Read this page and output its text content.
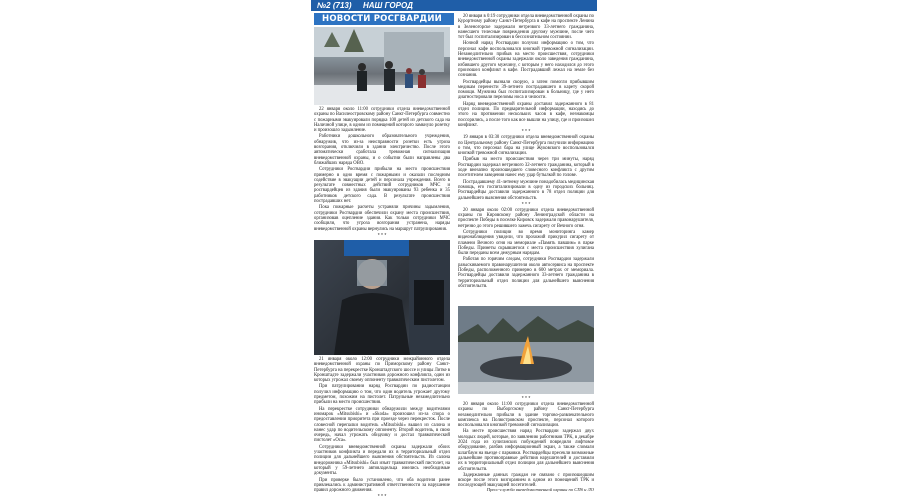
№2 (713) НАШ ГОРОД
НОВОСТИ РОСГВАРДИИ

22 января около 11:00 сотрудники отдела вневедомственной охраны по Василеостровскому району Санкт-Петербурга совместно с пожарными эвакуировали порядка 100 детей из детского сада на Наличной улице, в одном из помещений которого замкнуло розетку и произошло задымление.

Работники дошкольного образовательного учреждения, обнаружив, что из-за неисправности розетки есть угроза возгорания, отключили в здании электричество. После этого автоматически сработала тревожная сигнализация вневедомственной охраны, и о событии были направлены два ближайших наряда ОВО.

Сотрудники Росгвардии прибыли на место происшествия примерно в одно время с пожарными и оказали последним содействие в эвакуации детей и персонала учреждения. Всего в результате совместных действий сотрудников МЧС и росгвардейцев из здания были эвакуированы 93 ребенка и 35 работников детского сада. В результате происшествия пострадавших нет.

Пока пожарные расчеты устраняли причины задымления, сотрудники Росгвардии обеспечили охрану места происшествия, организовав оцепление здания. Как только сотрудники МЧС сообщили, что угроза возгорания устранена, наряды вневедомственной охраны вернулись на маршрут патрулирования.

* * *

21 января около 12:00 сотрудники межрайонного отдела вневедомственной охраны по Приморскому району Санкт-Петербурга на перекрестке Кронштадтского шоссе и улицы Литке в Кронштадте задержали участников дорожного конфликта, один из которых угрожал своему оппоненту травматическим пистолетом.

При патрулировании наряд Росгвардии по радиостанции получил информацию о том, что один водитель угрожает другому предметом, похожим на пистолет. Патрульные незамедлительно прибыли на место происшествия.

На перекрестке сотрудники обнаружили между водителями иномарок «Mitsubishi» и «Skoda» произошел из-за спора о предоставлении приоритета при проезде через перекресток. После словесной перепалки водитель «Mitsubishi» вышел из салона и нанес удар по водительскому оппоненту. Второй водитель, в свою очередь, начал угрожать обидчику и достал травматический пистолет «Оса».

Сотрудники вневедомственной охраны задержали обоих участников конфликта и передали их в территориальный отдел полиции для дальнейшего выяснения обстоятельств. Из салона внедорожника «Mitsubishi» был изъят травматический пистолет, на который у 59-летнего автовладельца имелись необходимые документы.

При проверке было установлено, что оба водителя ранее привлекались к административной ответственности за нарушение правил дорожного движения.

* * *

20 января в 0:19 сотрудники отдела вневедомственной охраны по Курортному району Санкт-Петербурга в кафе на проспекте Ленина в Зеленогорске задержали нетрезвого 33-летнего гражданина, нанесшего телесные повреждения другому мужчине, после чего тот был госпитализирован в бессознательном состоянии.

Ночной наряд Росгвардии получил информацию о том, что персонал кафе воспользовался кнопкой тревожной сигнализации. Незамедлительно прибыв на место происшествия, сотрудники вневедомственной охраны задержали около заведения гражданина, избившего другого мужчину, с которым у него находился до этого произошел конфликт в кафе. Пострадавший лежал на земле без сознания.

Росгвардейцы вызвали скорую, а затем помогли прибывшим медикам перенести 39-летнего пострадавшего в карету скорой помощи. Мужчина был госпитализирован в больницу, где у него диагностировали переломы носа и челюсти.

Наряд вневедомственной охраны доставил задержанного в 81 отдел полиции. По предварительной информации, находясь до этого на протяжении нескольких часов в кафе, незнакомцы поссорились, а после того как все вышли на улицу, где и произошел конфликт.

* * *

19 января в 03:30 сотрудники отдела вневедомственной охраны по Центральному району Санкт-Петербурга получили информацию о том, что персонал бара на улице Жуковского воспользовался кнопкой тревожной сигнализации.

Прибыв на место происшествия через три минуты, наряд Росгвардии задержал нетрезвого 32-летнего гражданина, который в ходе внезапно произошедшего словесного конфликта с другим посетителем заведения нанес ему удар бутылкой по голове.

Пострадавшему 41-летнему мужчине понадобилась медицинская помощь, его госпитализировали в одну из городских больниц. Росгвардейцы доставили задержанного в 78 отдел полиции для дальнейшего выяснения обстоятельств.

* * *

20 января около 02:00 сотрудники отдела вневедомственной охраны по Кировскому району Ленинградской области на проспекте Победы в поселке Кировск задержали правонарушителя, нетрезво до этого решившего зажечь сигарету от Вечного огня.

Сотрудники полиции во время мониторинга камер видеонаблюдения увидели, что прохожий прикурил сигарету от пламени Вечного огня на мемориале «Память павшим» в парке Победы. Приметы скрывшегося с места происшествия хулигана были переданы всем дежурным нарядам.

Работая по горячим следам, сотрудники Росгвардии задержали разыскиваемого правонарушителя около автосервиса на проспекте Победы, расположенного примерно в 600 метрах от мемориала. Росгвардейцы доставили задержанного 33-летнего гражданина в территориальный отдел полиции для дальнейшего выяснения обстоятельств.

* * *

20 января около 11:00 сотрудники отдела вневедомственной охраны по Выборгскому району Санкт-Петербурга незамедлительно прибыли в здание торгово-развлекательного комплекса на Полюстровском проспекте, персонал которого воспользовался кнопкой тревожной сигнализации.

На месте происшествия наряд Росгвардии задержал двух молодых людей, которые, по заявлению работников ТРК, в декабре 2024 года из хулиганских побуждений повредили лифтовое оборудование, разбив информационный экран, а также сломали шлагбаум на въезде с парковки. Росгвардейцы пресекли возможные дальнейшие противоправные действия нарушителей и доставили их в территориальный отдел полиции для дальнейшего выяснения обстоятельств.

Задержанные данных граждан не связано с произошедшим вскоре после этого возгоранием в одном из помещений ТРК и последующей эвакуацией посетителей.

Пресс-служба вневедомственной охраны по СПб и ЛО
